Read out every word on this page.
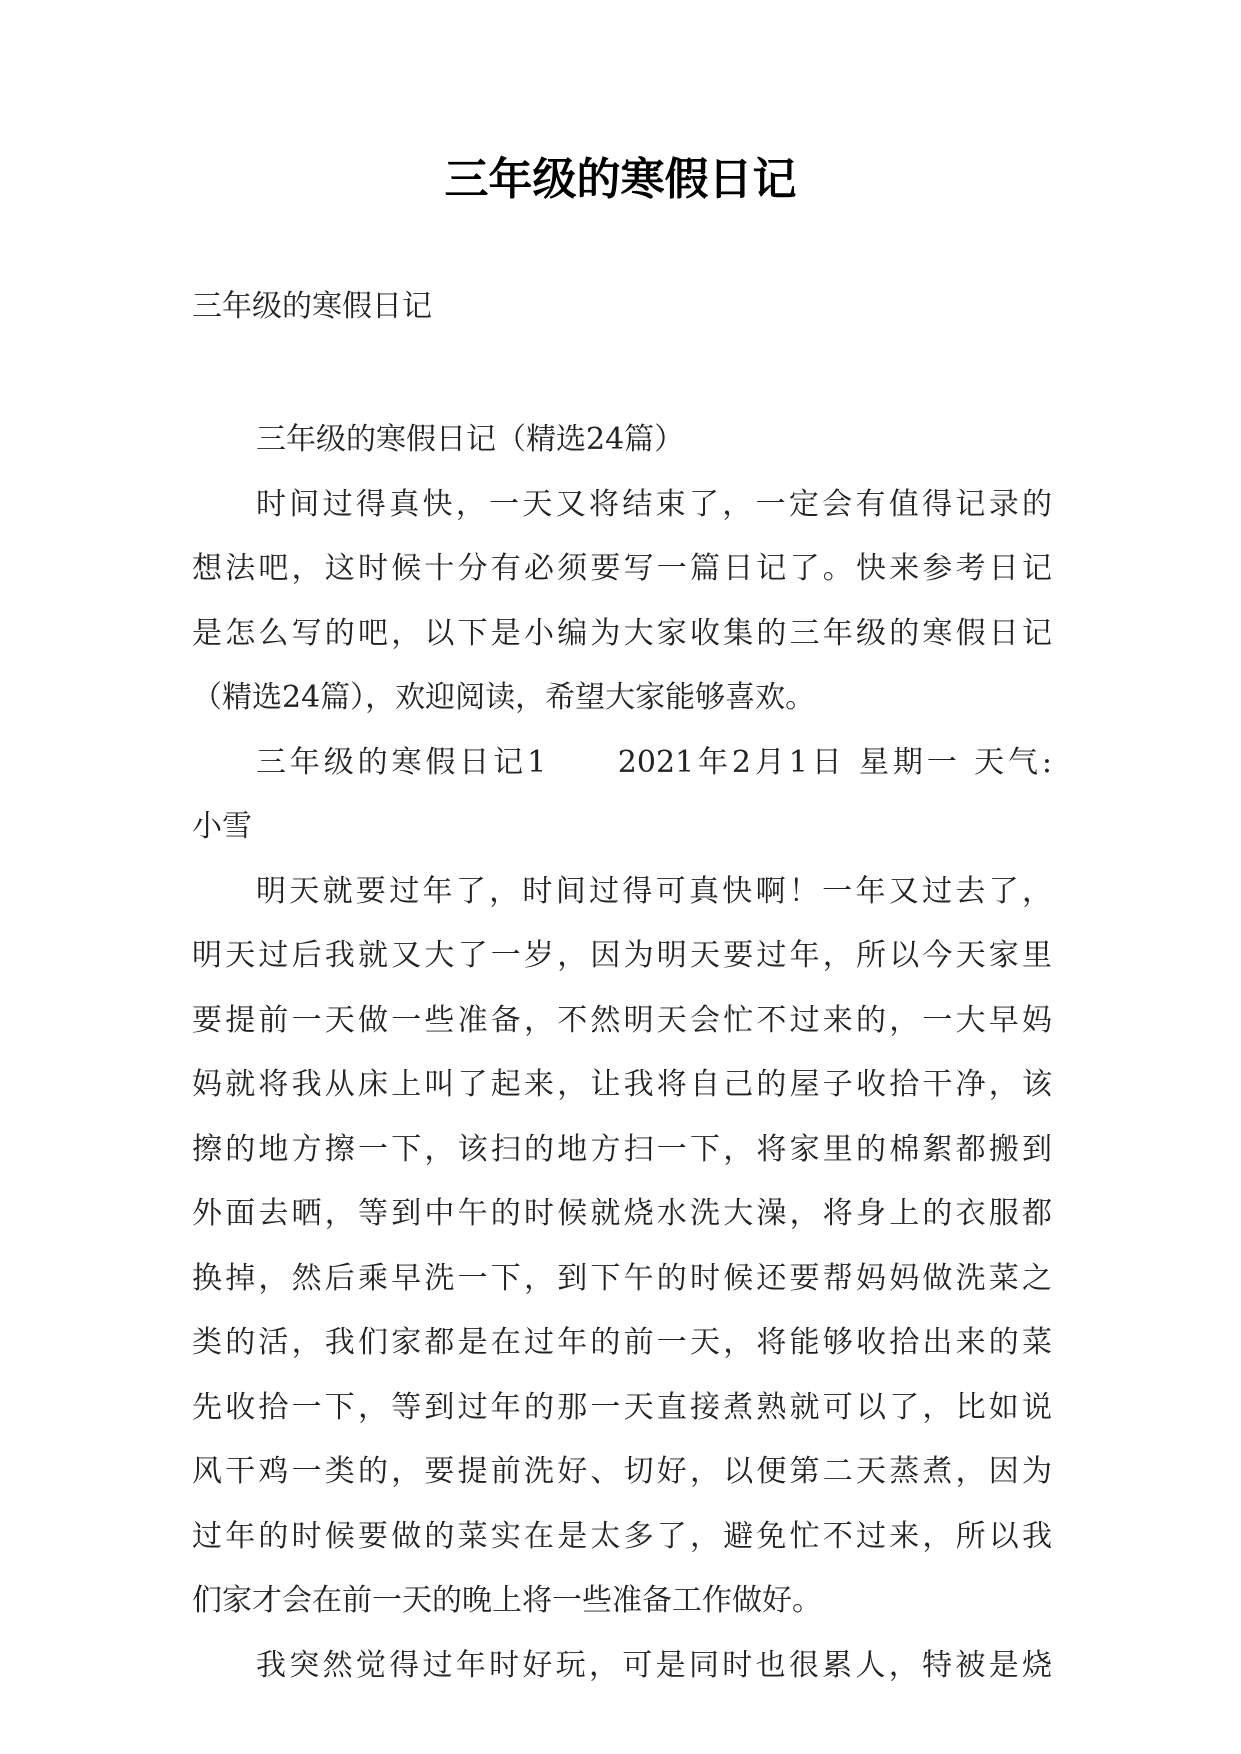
三年级的寒假日记
三年级的寒假日记
三年级的寒假日记（精选24篇）
时间过得真快，一天又将结束了，一定会有值得记录的
想法吧，这时候十分有必须要写一篇日记了。快来参考日记
是怎么写的吧，以下是小编为大家收集的三年级的寒假日记
（精选24篇），欢迎阅读，希望大家能够喜欢。
三年级的寒假日记1　　2021年2月1日 星期一 天气:
小雪
明天就要过年了，时间过得可真快啊！一年又过去了，
明天过后我就又大了一岁，因为明天要过年，所以今天家里
要提前一天做一些准备，不然明天会忙不过来的，一大早妈
妈就将我从床上叫了起来，让我将自己的屋子收拾干净，该
擦的地方擦一下，该扫的地方扫一下，将家里的棉絮都搬到
外面去晒，等到中午的时候就烧水洗大澡，将身上的衣服都
换掉，然后乘早洗一下，到下午的时候还要帮妈妈做洗菜之
类的活，我们家都是在过年的前一天，将能够收拾出来的菜
先收拾一下，等到过年的那一天直接煮熟就可以了，比如说
风干鸡一类的，要提前洗好、切好，以便第二天蒸煮，因为
过年的时候要做的菜实在是太多了，避免忙不过来，所以我
们家才会在前一天的晚上将一些准备工作做好。
我突然觉得过年时好玩，可是同时也很累人，特被是烧
